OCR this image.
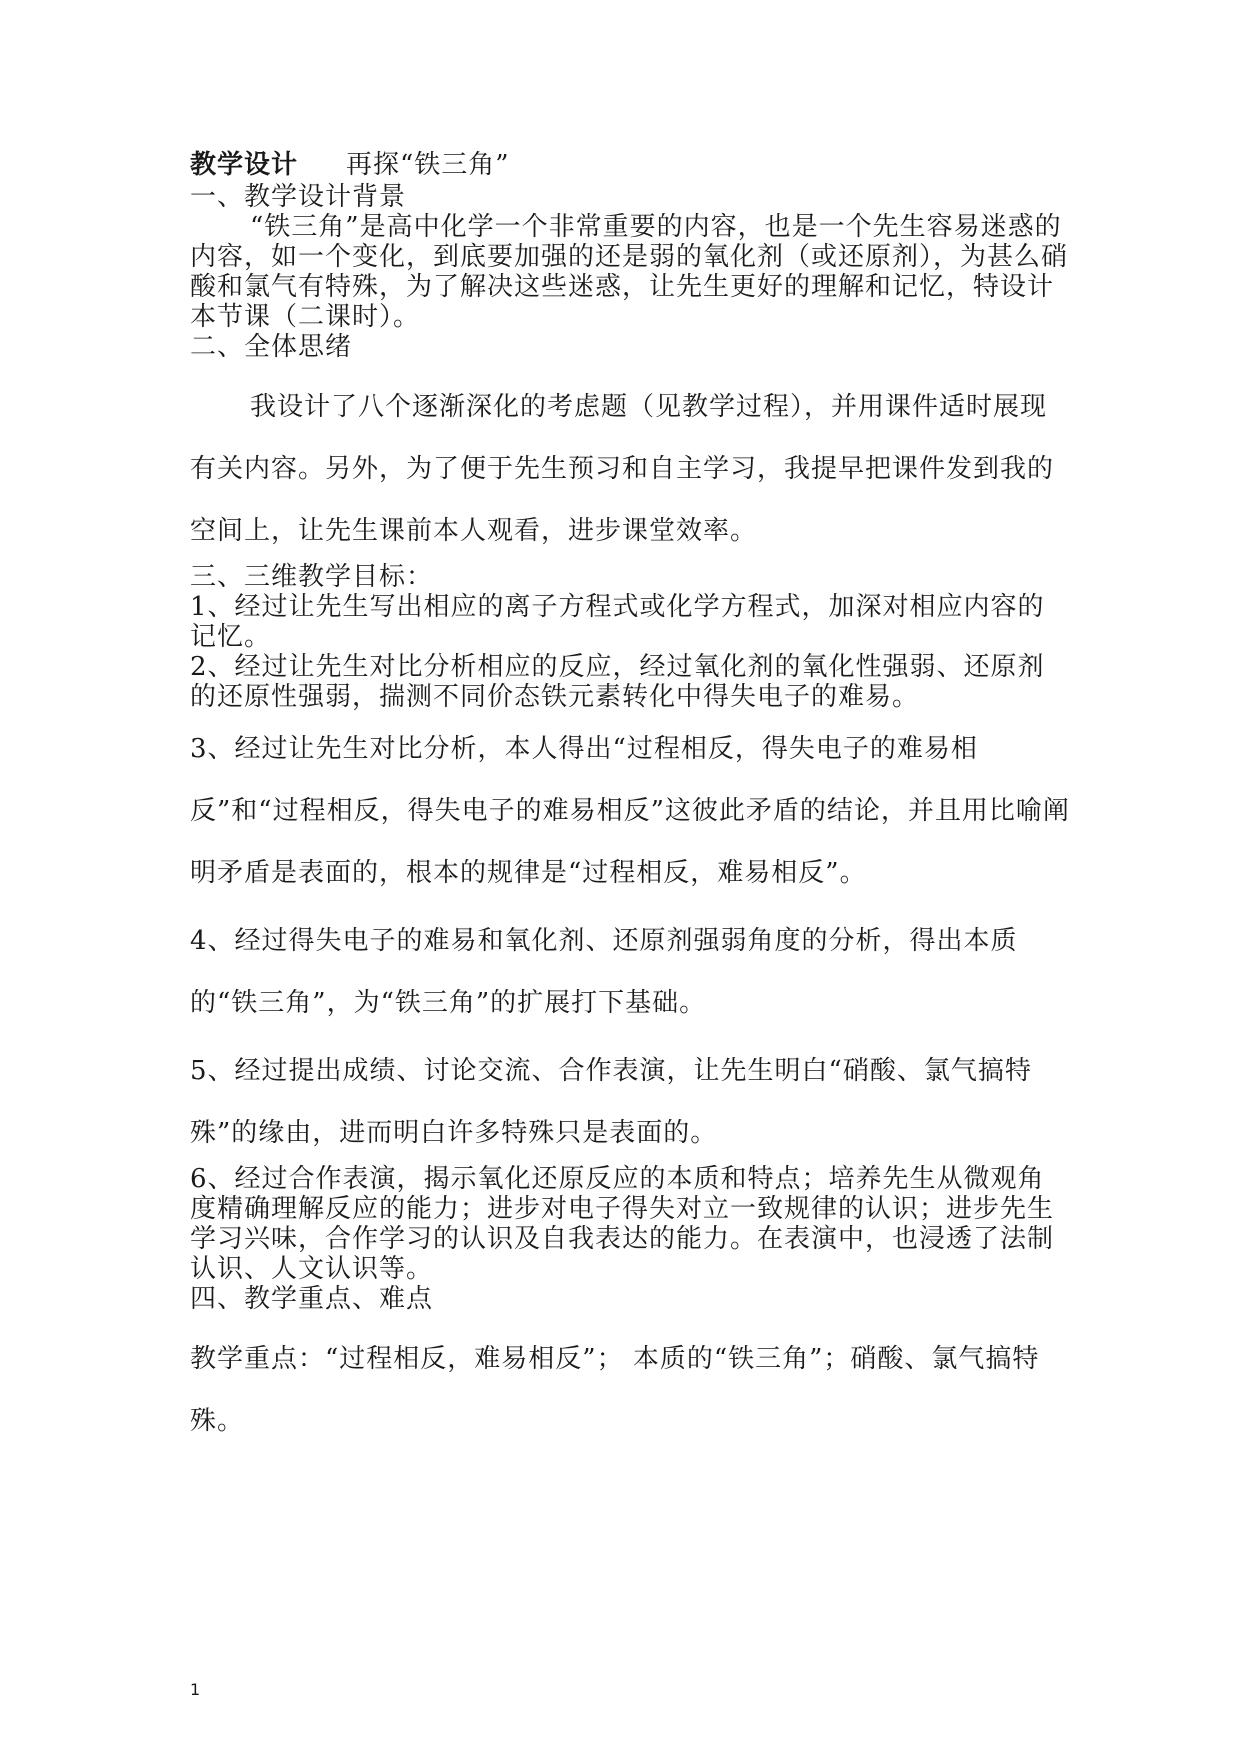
教学设计 再探“铁三角”
一、教学设计背景
“铁三角”是高中化学一个非常重要的内容，也是一个先生容易迷惑的内容，如一个变化，到底要加强的还是弱的氧化剂（或还原剂），为甚么硝酸和氯气有特殊，为了解决这些迷惑，让先生更好的理解和记忆，特设计本节课（二课时）。
二、全体思绪
我设计了八个逐渐深化的考虑题（见教学过程），并用课件适时展现有关内容。另外，为了便于先生预习和自主学习，我提早把课件发到我的空间上，让先生课前本人观看，进步课堂效率。
三、三维教学目标：
1、经过让先生写出相应的离子方程式或化学方程式，加深对相应内容的记忆。
2、经过让先生对比分析相应的反应，经过氧化剂的氧化性强弱、还原剂的还原性强弱，揣测不同价态铁元素转化中得失电子的难易。
3、经过让先生对比分析，本人得出“过程相反，得失电子的难易相反”和“过程相反，得失电子的难易相反”这彼此矛盾的结论，并且用比喻阐明矛盾是表面的，根本的规律是“过程相反，难易相反”。
4、经过得失电子的难易和氧化剂、还原剂强弱角度的分析，得出本质的“铁三角”，为“铁三角”的扩展打下基础。
5、经过提出成绩、讨论交流、合作表演，让先生明白“硝酸、氯气搞特殊”的缘由，进而明白许多特殊只是表面的。
6、经过合作表演，揭示氧化还原反应的本质和特点；培养先生从微观角度精确理解反应的能力；进步对电子得失对立一致规律的认识；进步先生学习兴味，合作学习的认识及自我表达的能力。在表演中，也浸透了法制认识、人文认识等。
四、教学重点、难点
教学重点：“过程相反，难易相反”； 本质的“铁三角”；硝酸、氯气搞特殊。
1
